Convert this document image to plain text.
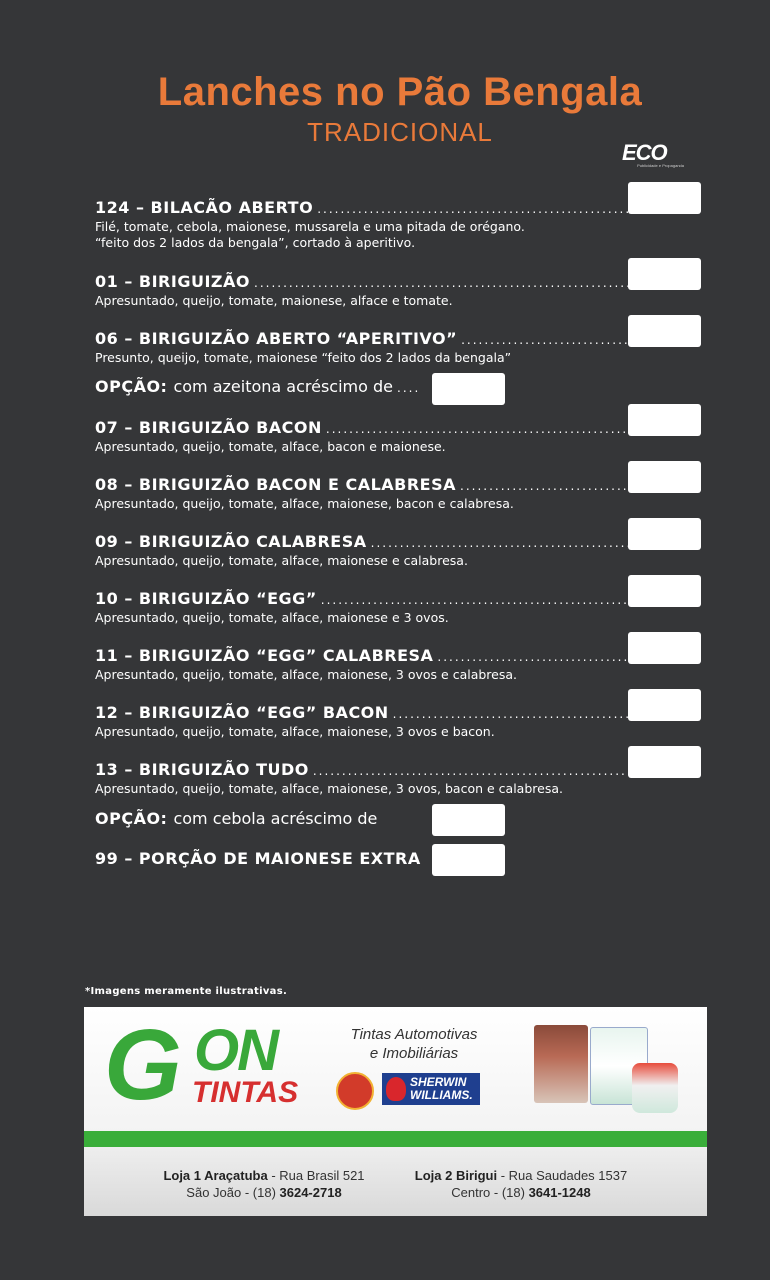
Lanches no Pão Bengala
TRADICIONAL
ECO
Publicidade e Propaganda
124 – BILACÃO ABERTO
.....
Filé, tomate, cebola, maionese, mussarela e uma pitada de orégano.
“feito dos 2 lados da bengala”, cortado à aperitivo.
01 – BIRIGUIZÃO
.....
Apresuntado, queijo, tomate, maionese, alface e tomate.
06 – BIRIGUIZÃO ABERTO “APERITIVO”
.....
Presunto, queijo, tomate, maionese “feito dos 2 lados da bengala”
OPÇÃO: com azeitona acréscimo de ....
07 – BIRIGUIZÃO BACON
.....
Apresuntado, queijo, tomate, alface, bacon e maionese.
08 – BIRIGUIZÃO BACON E CALABRESA
.....
Apresuntado, queijo, tomate, alface, maionese, bacon e calabresa.
09 – BIRIGUIZÃO CALABRESA
.....
Apresuntado, queijo, tomate, alface, maionese e calabresa.
10 – BIRIGUIZÃO “EGG”
.....
Apresuntado, queijo, tomate, alface, maionese e 3 ovos.
11 – BIRIGUIZÃO “EGG” CALABRESA
.....
Apresuntado, queijo, tomate, alface, maionese, 3 ovos e calabresa.
12 – BIRIGUIZÃO “EGG” BACON
.....
Apresuntado, queijo, tomate, alface, maionese, 3 ovos e bacon.
13 – BIRIGUIZÃO TUDO
.....
Apresuntado, queijo, tomate, alface, maionese, 3 ovos, bacon e calabresa.
OPÇÃO: com cebola acréscimo de
99 – PORÇÃO DE MAIONESE EXTRA
*Imagens meramente ilustrativas.
G ON
TINTAS
Tintas Automotivas
e Imobiliárias
SHERWIN
WILLIAMS.
Loja 1 Araçatuba - Rua Brasil 521
São João - (18) 3624-2718
Loja 2 Birigui - Rua Saudades 1537
Centro - (18) 3641-1248
